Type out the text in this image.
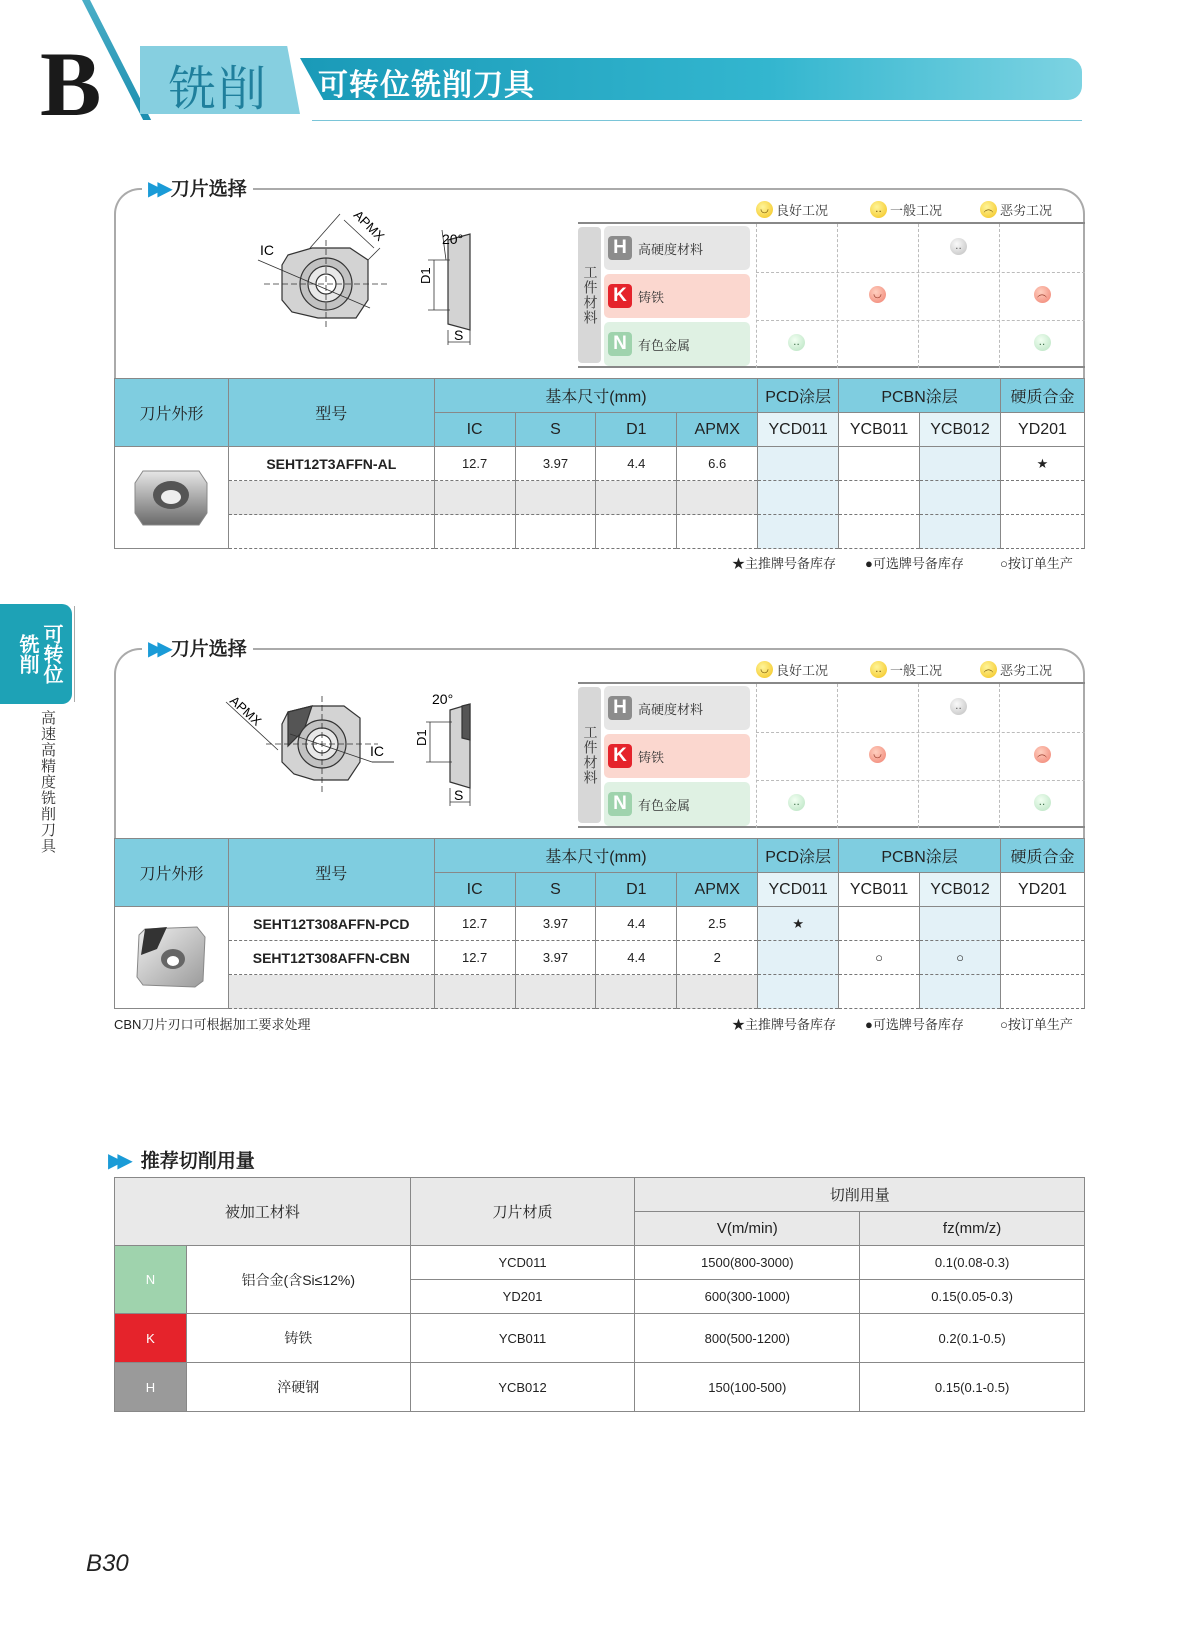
B 铣削 可转位铣削刀具
可转位
铣削
高速高精度铣削刀具
▶▶ 刀片选择
IC
APMX	20°
D1
S
◡ 良好工况	‥ 一般工况	︵ 恶劣工况
工件材料
H 高硬度材料
K 铸铁
N 有色金属
‥
◡	︵
‥	‥
刀片外形	型号	基本尺寸(mm)				PCD涂层	PCBN涂层		硬质合金
		IC	S	D1	APMX	YCD011	YCB011	YCB012	YD201
	SEHT12T3AFFN-AL	12.7	3.97	4.4	6.6				★

★主推牌号备库存 ●可选牌号备库存	○按订单生产
▶▶ 刀片选择
IC
APMX	20°
D1
S
◡ 良好工况	‥ 一般工况	︵ 恶劣工况
工件材料
H 高硬度材料
K 铸铁
N 有色金属
‥
◡	︵
‥	‥
刀片外形	型号	基本尺寸(mm)				PCD涂层	PCBN涂层		硬质合金
		IC	S	D1	APMX	YCD011	YCB011	YCB012	YD201
	SEHT12T308AFFN-PCD	12.7	3.97	4.4	2.5	★			
	SEHT12T308AFFN-CBN	12.7	3.97	4.4	2		○	○	

CBN刀片刃口可根据加工要求处理	★主推牌号备库存 ●可选牌号备库存	○按订单生产
▶▶ 推荐切削用量
被加工材料		刀片材质	切削用量	
			V(m/min)	fz(mm/z)
N	铝合金(含Si≤12%)	YCD011	1500(800-3000)	0.1(0.08-0.3)
		YD201	600(300-1000)	0.15(0.05-0.3)
K	铸铁	YCB011	800(500-1200)	0.2(0.1-0.5)
H	淬硬钢	YCB012	150(100-500)	0.15(0.1-0.5)
B30
